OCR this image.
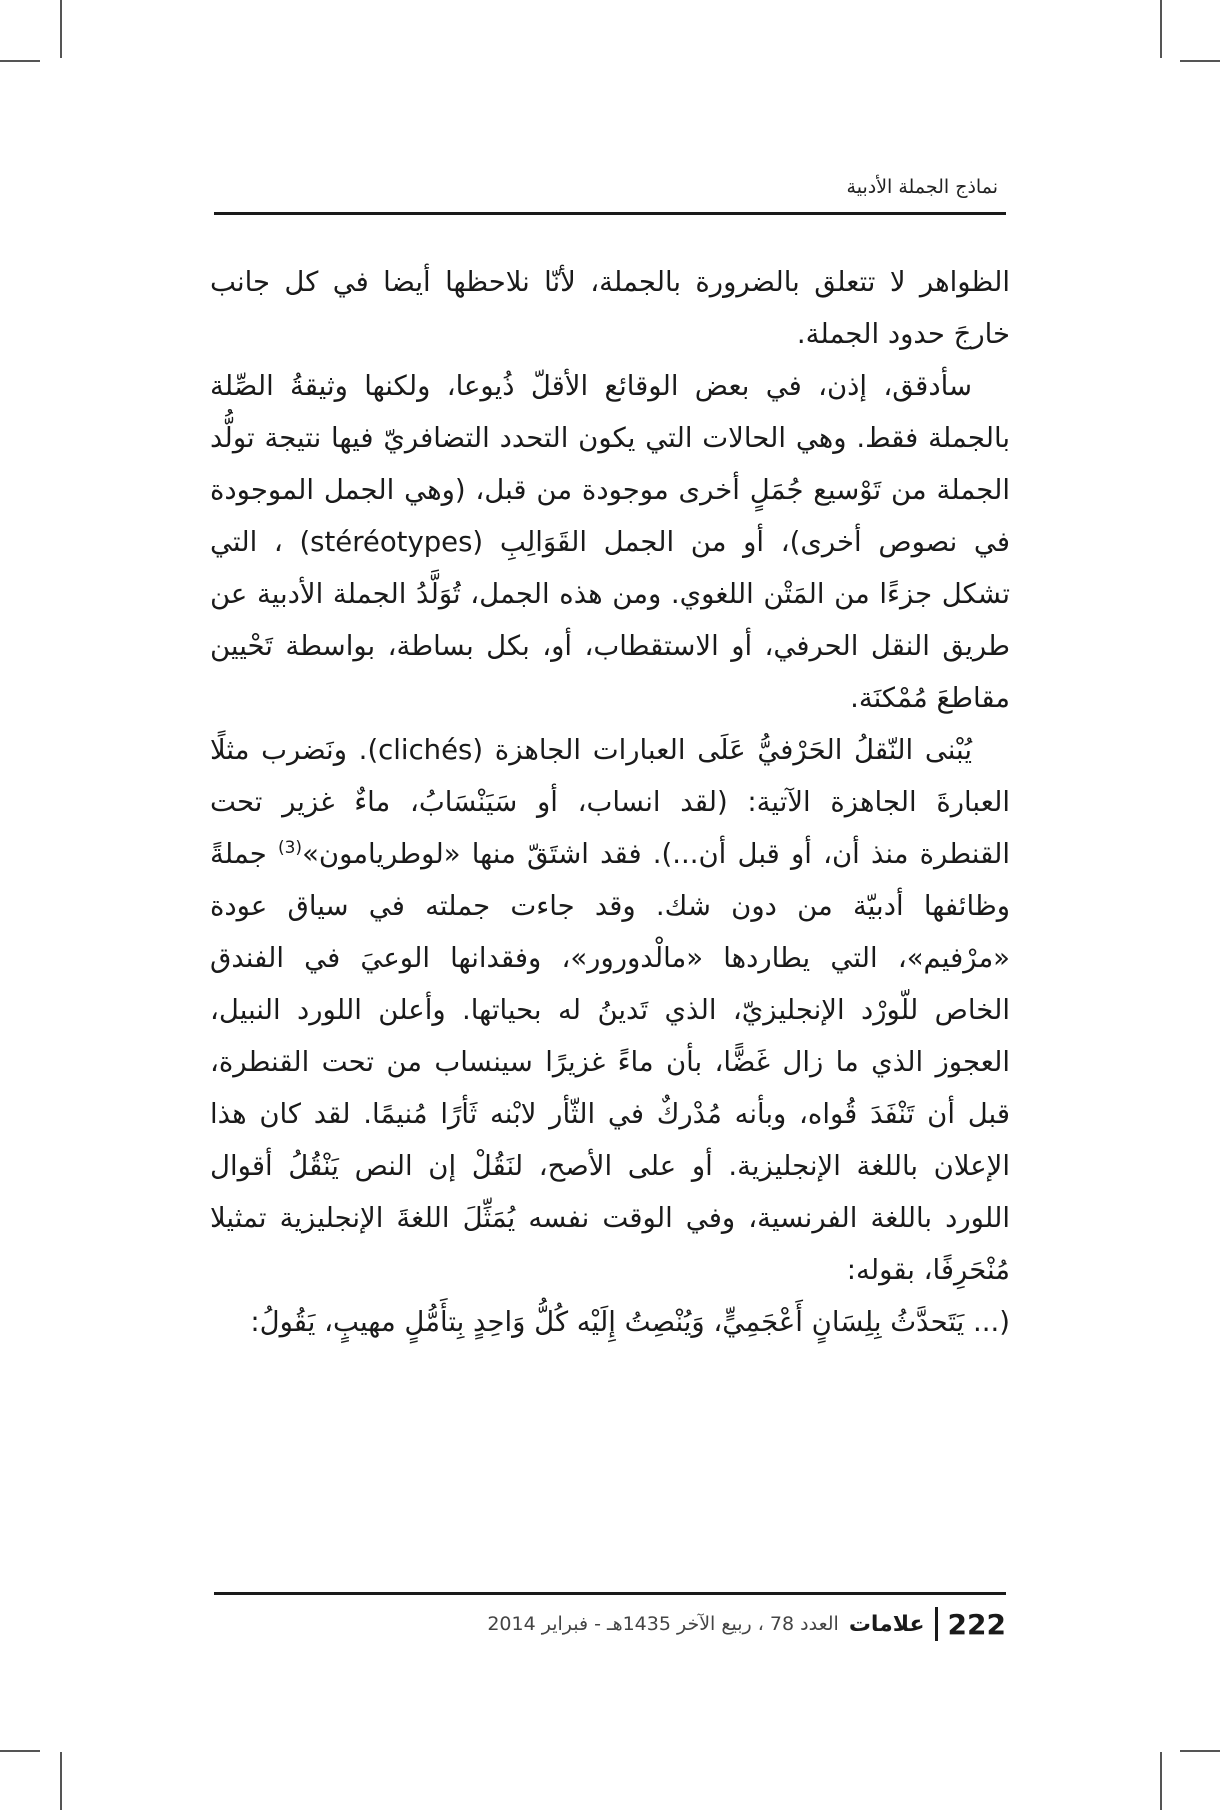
نماذج الجملة الأدبية

الظواهر لا تتعلق بالضرورة بالجملة، لأنّا نلاحظها أيضا في كل جانب خارجَ حدود الجملة.

سأدقق، إذن، في بعض الوقائع الأقلّ ذُيوعا، ولكنها وثيقةُ الصِّلة بالجملة فقط. وهي الحالات التي يكون التحدد التضافريّ فيها نتيجة تولُّد الجملة من تَوْسيع جُمَلٍ أخرى موجودة من قبل، (وهي الجمل الموجودة في نصوص أخرى)، أو من الجمل القَوَالِبِ (stéréotypes) ، التي تشكل جزءًا من المَتْن اللغوي. ومن هذه الجمل، تُوَلَّدُ الجملة الأدبية عن طريق النقل الحرفي، أو الاستقطاب، أو، بكل بساطة، بواسطة تَحْيين مقاطعَ مُمْكنَة.

يُبْنى النّقلُ الحَرْفيُّ عَلَى العبارات الجاهزة (clichés). ونَضرب مثلًا العبارةَ الجاهزة الآتية: (لقد انساب، أو سَيَنْسَابُ، ماءٌ غزير تحت القنطرة منذ أن، أو قبل أن...). فقد اشتَقّ منها «لوطريامون»$^{(3)}$ جملةً وظائفها أدبيّة من دون شك. وقد جاءت جملته في سياق عودة «مرْفيم»، التي يطاردها «مالْدورور»، وفقدانها الوعيَ في الفندق الخاص للّورْد الإنجليزيّ، الذي تَدينُ له بحياتها. وأعلن اللورد النبيل، العجوز الذي ما زال غَضًّا، بأن ماءً غزيرًا سينساب من تحت القنطرة، قبل أن تَنْفَدَ قُواه، وبأنه مُدْركٌ في الثّأر لابْنه ثَأرًا مُنيمًا. لقد كان هذا الإعلان باللغة الإنجليزية. أو على الأصح، لنَقُلْ إن النص يَنْقُلُ أقوال اللورد باللغة الفرنسية، وفي الوقت نفسه يُمَثِّلَ اللغةَ الإنجليزية تمثيلا مُنْحَرِفًا، بقوله:

(... يَتَحدَّثُ بِلِسَانٍ أَعْجَمِيٍّ، وَيُنْصِتُ إِلَيْه كُلُّ وَاحِدٍ بِتأَمُّلٍ مهيبٍ، يَقُولُ:

222
علامات
العدد 78 ، ربيع الآخر 1435هـ - فبراير 2014
